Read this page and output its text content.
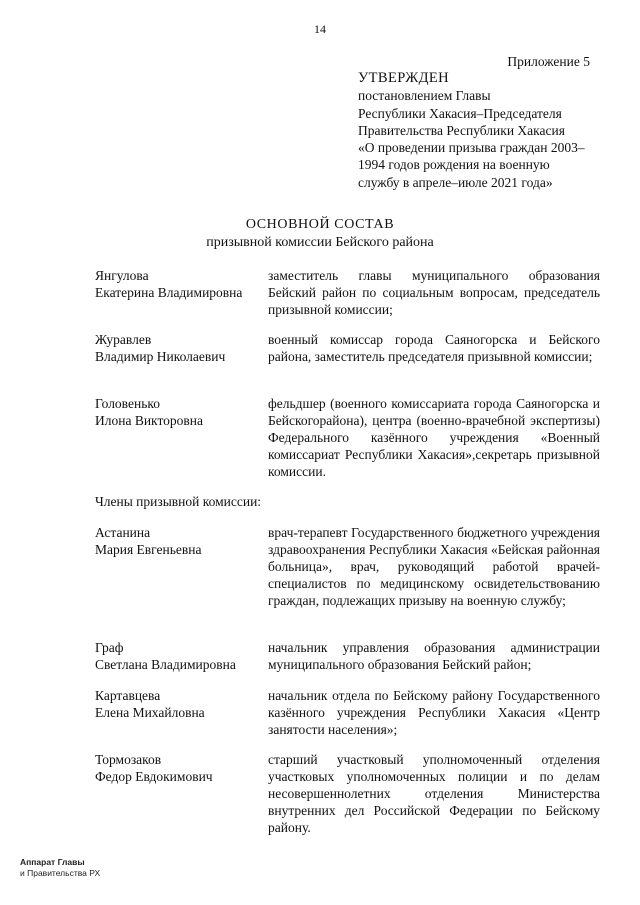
14
Приложение 5
УТВЕРЖДЕН
постановлением Главы
Республики Хакасия–Председателя
Правительства Республики Хакасия
«О проведении призыва граждан 2003–
1994 годов рождения на военную
службу в апреле–июле 2021 года»
ОСНОВНОЙ СОСТАВ
призывной комиссии Бейского района
Янгулова
Екатерина Владимировна
заместитель главы муниципального образования Бейский район по социальным вопросам, председатель призывной комиссии;
Журавлев
Владимир Николаевич
военный комиссар города Саяногорска и Бейского района, заместитель председателя призывной комиссии;
Головенько
Илона Викторовна
фельдшер (военного комиссариата города Саяногорска и Бейскогорайона), центра (военно-врачебной экспертизы) Федерального казённого учреждения «Военный комиссариат Республики Хакасия»,секретарь призывной комиссии.
Члены призывной комиссии:
Астанина
Мария Евгеньевна
врач-терапевт Государственного бюджетного учреждения здравоохранения Республики Хакасия «Бейская районная больница», врач, руководящий работой врачей-специалистов по медицинскому освидетельствованию граждан, подлежащих призыву на военную службу;
Граф
Светлана Владимировна
начальник управления образования администрации муниципального образования Бейский район;
Картавцева
Елена Михайловна
начальник отдела по Бейскому району Государственного казённого учреждения Республики Хакасия «Центр занятости населения»;
Тормозаков
Федор Евдокимович
старший участковый уполномоченный отделения участковых уполномоченных полиции и по делам несовершеннолетних отделения Министерства внутренних дел Российской Федерации по Бейскому району.
Аппарат Главы
и Правительства РХ
